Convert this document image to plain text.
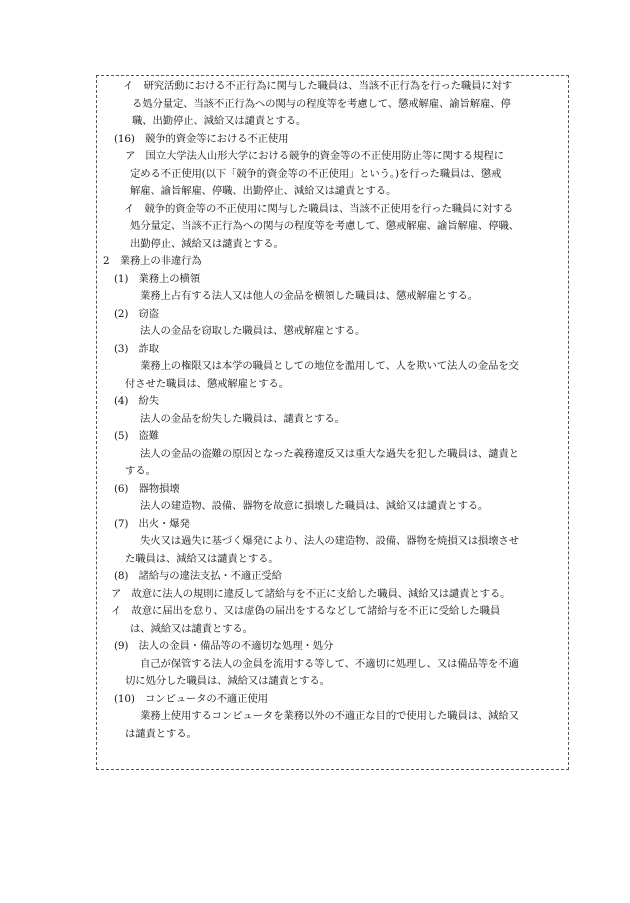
イ　研究活動における不正行為に関与した職員は、当該不正行為を行った職員に対す

る処分量定、当該不正行為への関与の程度等を考慮して、懲戒解雇、諭旨解雇、停

職、出勤停止、減給又は譴責とする。

(16)　競争的資金等における不正使用

ア　国立大学法人山形大学における競争的資金等の不正使用防止等に関する規程に

定める不正使用(以下「競争的資金等の不正使用」という。)を行った職員は、懲戒

解雇、諭旨解雇、停職、出勤停止、減給又は譴責とする。

イ　競争的資金等の不正使用に関与した職員は、当該不正使用を行った職員に対する

処分量定、当該不正行為への関与の程度等を考慮して、懲戒解雇、諭旨解雇、停職、

出勤停止、減給又は譴責とする。

2　業務上の非違行為

(1)　業務上の横領

業務上占有する法人又は他人の金品を横領した職員は、懲戒解雇とする。

(2)　窃盗

法人の金品を窃取した職員は、懲戒解雇とする。

(3)　詐取

業務上の権限又は本学の職員としての地位を濫用して、人を欺いて法人の金品を交

付させた職員は、懲戒解雇とする。

(4)　紛失

法人の金品を紛失した職員は、譴責とする。

(5)　盗難

法人の金品の盗難の原因となった義務違反又は重大な過失を犯した職員は、譴責と

する。

(6)　器物損壊

法人の建造物、設備、器物を故意に損壊した職員は、減給又は譴責とする。

(7)　出火・爆発

失火又は過失に基づく爆発により、法人の建造物、設備、器物を焼損又は損壊させ

た職員は、減給又は譴責とする。

(8)　諸給与の違法支払・不適正受給

ア　故意に法人の規則に違反して諸給与を不正に支給した職員、減給又は譴責とする。

イ　故意に届出を怠り、又は虚偽の届出をするなどして諸給与を不正に受給した職員

は、減給又は譴責とする。

(9)　法人の金員・備品等の不適切な処理・処分

自己が保管する法人の金員を流用する等して、不適切に処理し、又は備品等を不適

切に処分した職員は、減給又は譴責とする。

(10)　コンピュータの不適正使用

業務上使用するコンピュータを業務以外の不適正な目的で使用した職員は、減給又

は譴責とする。
